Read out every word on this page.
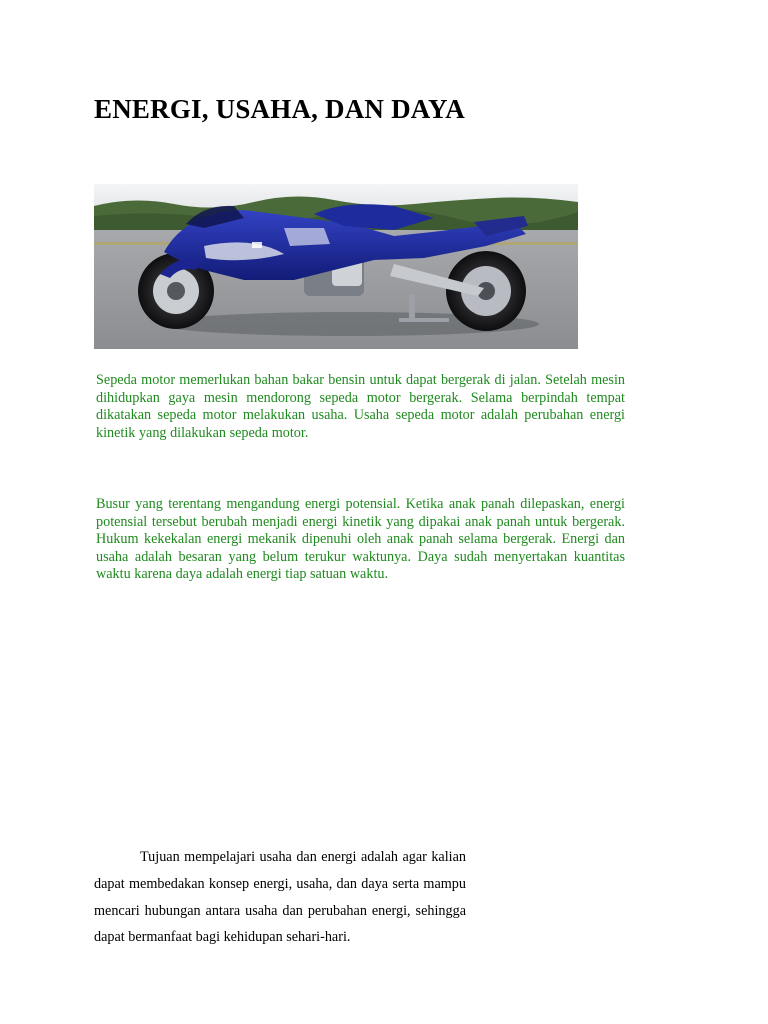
ENERGI, USAHA, DAN DAYA

Sepeda motor memerlukan bahan bakar bensin untuk dapat bergerak di jalan. Setelah mesin dihidupkan gaya mesin mendorong sepeda motor bergerak. Selama berpindah tempat dikatakan sepeda motor melakukan usaha. Usaha sepeda motor adalah perubahan energi kinetik yang dilakukan sepeda motor.

Busur yang terentang mengandung energi potensial. Ketika anak panah dilepaskan, energi potensial tersebut berubah menjadi energi kinetik yang dipakai anak panah untuk bergerak. Hukum kekekalan energi mekanik dipenuhi oleh anak panah selama bergerak. Energi dan usaha adalah besaran yang belum terukur waktunya. Daya sudah menyertakan kuantitas waktu karena daya adalah energi tiap satuan waktu.

Tujuan mempelajari usaha dan energi adalah agar kalian dapat membedakan konsep energi, usaha, dan daya serta mampu mencari hubungan antara usaha dan perubahan energi, sehingga dapat bermanfaat bagi kehidupan sehari-hari.
